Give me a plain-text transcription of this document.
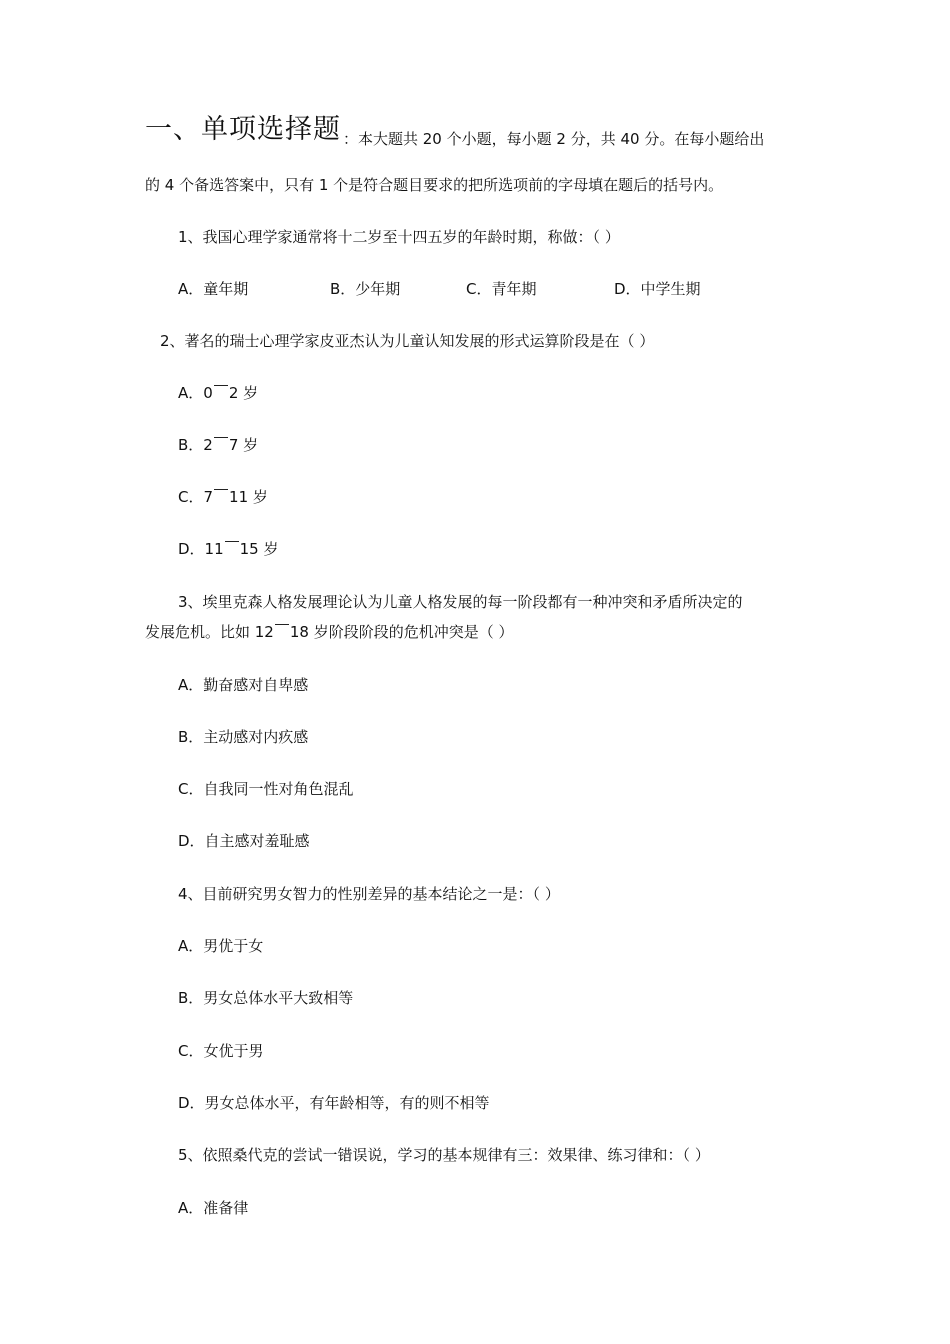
一、单项选择题 ：本大题共 20 个小题，每小题 2 分，共 40 分。在每小题给出
的 4 个备选答案中，只有 1 个是符合题目要求的把所选项前的字母填在题后的括号内。
1、我国心理学家通常将十二岁至十四五岁的年龄时期，称做：（ ）
A．童年期	B．少年期	C．青年期	D．中学生期
2、著名的瑞士心理学家皮亚杰认为儿童认知发展的形式运算阶段是在（ ）
A．0 2 岁
B．2 7 岁
C．7 11 岁
D．11 15 岁
3、埃里克森人格发展理论认为儿童人格发展的每一阶段都有一种冲突和矛盾所决定的
发展危机。比如 12 18 岁阶段阶段的危机冲突是（ ）
A．勤奋感对自卑感
B．主动感对内疚感
C．自我同一性对角色混乱
D．自主感对羞耻感
4、目前研究男女智力的性别差异的基本结论之一是：（ ）
A．男优于女
B．男女总体水平大致相等
C．女优于男
D．男女总体水平，有年龄相等，有的则不相等
5、依照桑代克的尝试一错误说，学习的基本规律有三：效果律、练习律和：（ ）
A．准备律
